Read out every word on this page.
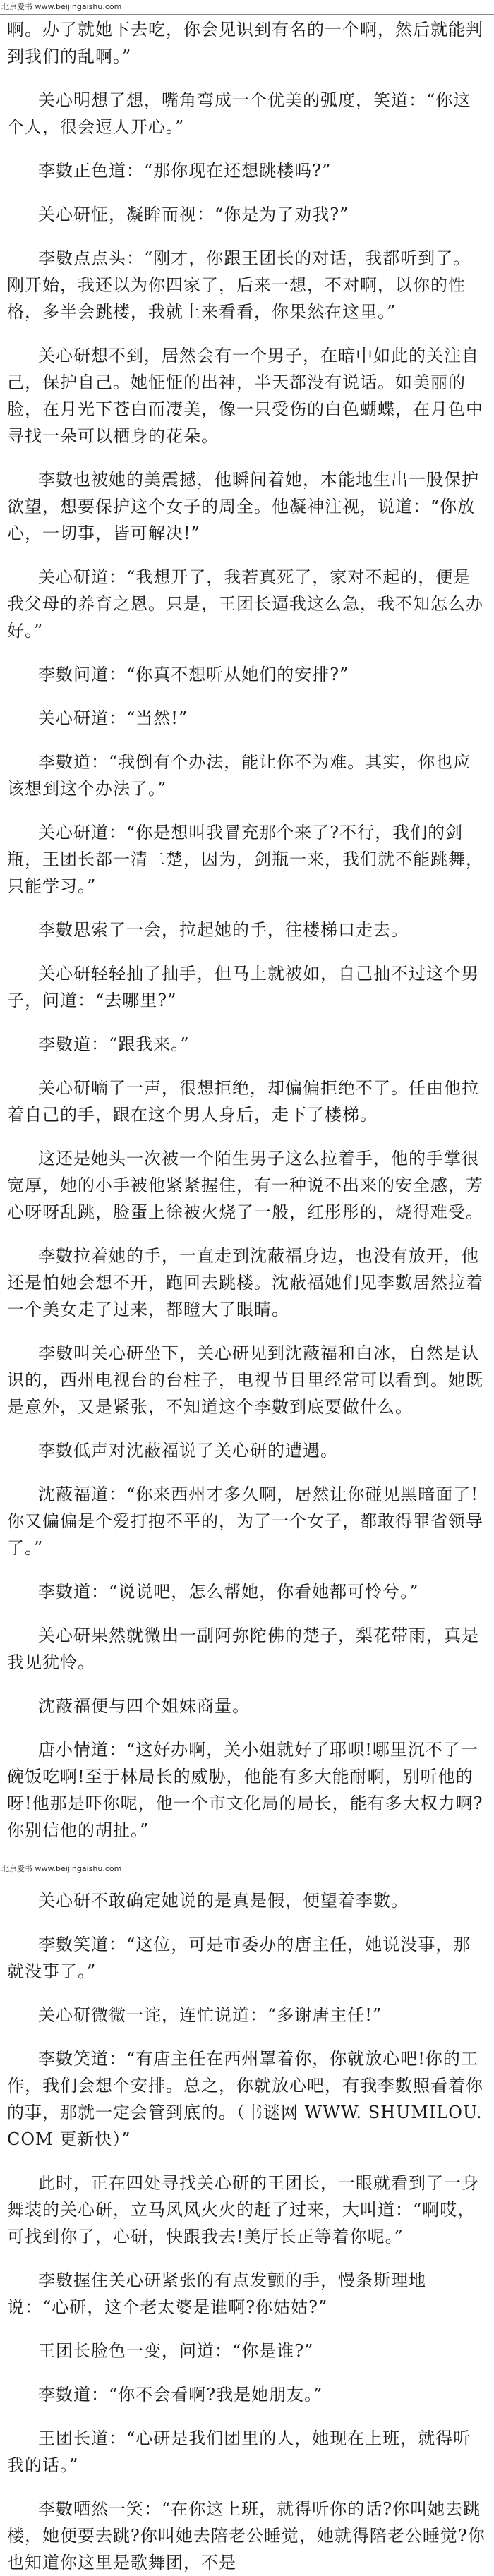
北京爱书 www.beijingaishu.com

啊。办了就她下去吃，你会见识到有名的一个啊，然后就能判到我们的乱啊。”

关心明想了想，嘴角弯成一个优美的弧度，笑道：“你这个人，很会逗人开心。”

李數正色道：“那你现在还想跳楼吗?”

关心研怔，凝眸而视：“你是为了劝我?”

李數点点头：“刚才，你跟王团长的对话，我都听到了。刚开始，我还以为你四家了，后来一想，不对啊，以你的性格，多半会跳楼，我就上来看看，你果然在这里。”

关心研想不到，居然会有一个男子，在暗中如此的关注自己，保护自己。她怔怔的出神，半天都没有说话。如美丽的脸，在月光下苍白而凄美，像一只受伤的白色蝴蝶，在月色中寻找一朵可以栖身的花朵。

李數也被她的美震撼，他瞬间着她，本能地生出一股保护欲望，想要保护这个女子的周全。他凝神注视，说道：“你放心，一切事，皆可解决!”

关心研道：“我想开了，我若真死了，家对不起的，便是我父母的养育之恩。只是，王团长逼我这么急，我不知怎么办好。”

李數问道：“你真不想听从她们的安排?”

关心研道：“当然!”

李數道：“我倒有个办法，能让你不为难。其实，你也应该想到这个办法了。”

关心研道：“你是想叫我冒充那个来了?不行，我们的剑瓶，王团长都一清二楚，因为，剑瓶一来，我们就不能跳舞，只能学习。”

李數思索了一会，拉起她的手，往楼梯口走去。

关心研轻轻抽了抽手，但马上就被如，自己抽不过这个男子，问道：“去哪里?”

李數道：“跟我来。”

关心研嘀了一声，很想拒绝，却偏偏拒绝不了。任由他拉着自己的手，跟在这个男人身后，走下了楼梯。

这还是她头一次被一个陌生男子这么拉着手，他的手掌很宽厚，她的小手被他紧紧握住，有一种说不出来的安全感，芳心呀呀乱跳，脸蛋上徐被火烧了一般，红彤彤的，烧得难受。

李數拉着她的手，一直走到沈蔽福身边，也没有放开，他还是怕她会想不开，跑回去跳楼。沈蔽福她们见李數居然拉着一个美女走了过来，都瞪大了眼睛。

李數叫关心研坐下，关心研见到沈蔽福和白冰，自然是认识的，西州电视台的台柱子，电视节目里经常可以看到。她既是意外，又是紧张，不知道这个李數到底要做什么。

李數低声对沈蔽福说了关心研的遭遇。

沈蔽福道：“你来西州才多久啊，居然让你碰见黑暗面了!你又偏偏是个爱打抱不平的，为了一个女子，都敢得罪省领导了。”

李數道：“说说吧，怎么帮她，你看她都可怜兮。”

关心研果然就微出一副阿弥陀佛的楚子，梨花带雨，真是我见犹怜。

沈蔽福便与四个姐妹商量。

唐小情道：“这好办啊，关小姐就好了耶呗!哪里沉不了一碗饭吃啊!至于林局长的威胁，他能有多大能耐啊，别听他的呀!他那是吓你呢，他一个市文化局的局长，能有多大权力啊?你别信他的胡扯。”

北京爱书 www.beijingaishu.com

关心研不敢确定她说的是真是假，便望着李數。

李數笑道：“这位，可是市委办的唐主任，她说没事，那就没事了。”

关心研微微一诧，连忙说道：“多谢唐主任!”

李數笑道：“有唐主任在西州罩着你，你就放心吧!你的工作，我们会想个安排。总之，你就放心吧，有我李數照看着你的事，那就一定会管到底的。（书谜网 WWW. SHUMILOU. COM 更新快）”

此时，正在四处寻找关心研的王团长，一眼就看到了一身舞装的关心研，立马风风火火的赶了过来，大叫道：“啊哎，可找到你了，心研，快跟我去!美厅长正等着你呢。”

李數握住关心研紧张的有点发颤的手，慢条斯理地说：“心研，这个老太婆是谁啊?你姑姑?”

王团长脸色一变，问道：“你是谁?”

李數道：“你不会看啊?我是她朋友。”

王团长道：“心研是我们团里的人，她现在上班，就得听我的话。”

李數哂然一笑：“在你这上班，就得听你的话?你叫她去跳楼，她便要去跳?你叫她去陪老公睡觉，她就得陪老公睡觉?你也知道你这里是歌舞团，不是
